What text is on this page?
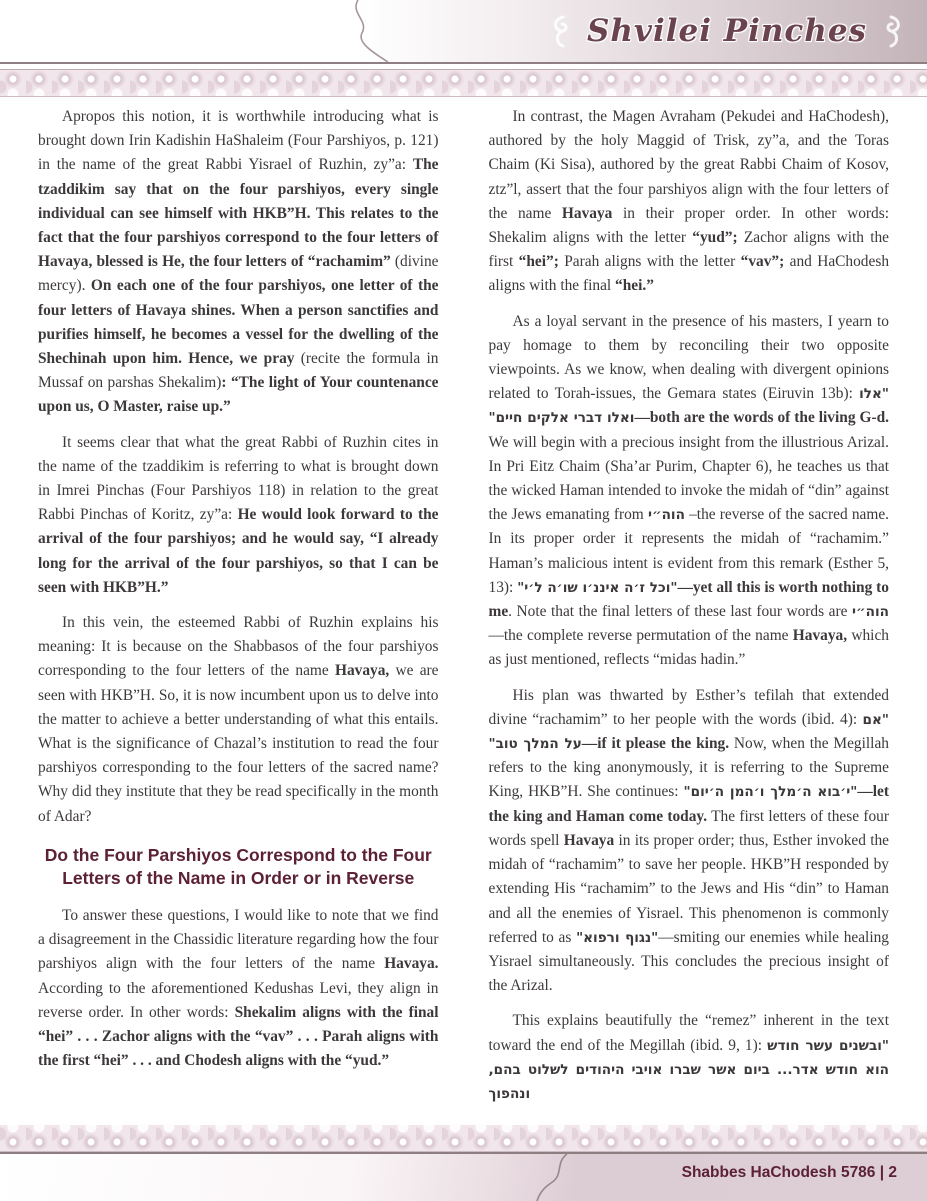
Shvilei Pinches

Apropos this notion, it is worthwhile introducing what is brought down Irin Kadishin HaShaleim (Four Parshiyos, p. 121) in the name of the great Rabbi Yisrael of Ruzhin, zy”a: The tzaddikim say that on the four parshiyos, every single individual can see himself with HKB”H. This relates to the fact that the four parshiyos correspond to the four letters of Havaya, blessed is He, the four letters of “rachamim” (divine mercy). On each one of the four parshiyos, one letter of the four letters of Havaya shines. When a person sanctifies and purifies himself, he becomes a vessel for the dwelling of the Shechinah upon him. Hence, we pray (recite the formula in Mussaf on parshas Shekalim): “The light of Your countenance upon us, O Master, raise up.”

It seems clear that what the great Rabbi of Ruzhin cites in the name of the tzaddikim is referring to what is brought down in Imrei Pinchas (Four Parshiyos 118) in relation to the great Rabbi Pinchas of Koritz, zy”a: He would look forward to the arrival of the four parshiyos; and he would say, “I already long for the arrival of the four parshiyos, so that I can be seen with HKB”H.”

In this vein, the esteemed Rabbi of Ruzhin explains his meaning: It is because on the Shabbasos of the four parshiyos corresponding to the four letters of the name Havaya, we are seen with HKB”H. So, it is now incumbent upon us to delve into the matter to achieve a better understanding of what this entails. What is the significance of Chazal’s institution to read the four parshiyos corresponding to the four letters of the sacred name? Why did they institute that they be read specifically in the month of Adar?

Do the Four Parshiyos Correspond to the Four Letters of the Name in Order or in Reverse

To answer these questions, I would like to note that we find a disagreement in the Chassidic literature regarding how the four parshiyos align with the four letters of the name Havaya. According to the aforementioned Kedushas Levi, they align in reverse order. In other words: Shekalim aligns with the final “hei” . . . Zachor aligns with the “vav” . . . Parah aligns with the first “hei” . . . and Chodesh aligns with the “yud.”

In contrast, the Magen Avraham (Pekudei and HaChodesh), authored by the holy Maggid of Trisk, zy”a, and the Toras Chaim (Ki Sisa), authored by the great Rabbi Chaim of Kosov, ztz”l, assert that the four parshiyos align with the four letters of the name Havaya in their proper order. In other words: Shekalim aligns with the letter “yud”; Zachor aligns with the first “hei”; Parah aligns with the letter “vav”; and HaChodesh aligns with the final “hei.”

As a loyal servant in the presence of his masters, I yearn to pay homage to them by reconciling their two opposite viewpoints. As we know, when dealing with divergent opinions related to Torah-issues, the Gemara states (Eiruvin 13b): "אלו ואלו דברי אלקים חיים"—both are the words of the living G-d. We will begin with a precious insight from the illustrious Arizal. In Pri Eitz Chaim (Sha’ar Purim, Chapter 6), he teaches us that the wicked Haman intended to invoke the midah of “din” against the Jews emanating from הוה״י –the reverse of the sacred name. In its proper order it represents the midah of “rachamim.” Haman’s malicious intent is evident from this remark (Esther 5, 13): "וכל ז׳ה איננ׳ו שו׳ה ל׳י"—yet all this is worth nothing to me. Note that the final letters of these last four words are הוה״י—the complete reverse permutation of the name Havaya, which as just mentioned, reflects “midas hadin.”

His plan was thwarted by Esther’s tefilah that extended divine “rachamim” to her people with the words (ibid. 4): "אם על המלך טוב"—if it please the king. Now, when the Megillah refers to the king anonymously, it is referring to the Supreme King, HKB”H. She continues: "י׳בוא ה׳מלך ו׳המן ה׳יום"—let the king and Haman come today. The first letters of these four words spell Havaya in its proper order; thus, Esther invoked the midah of “rachamim” to save her people. HKB”H responded by extending His “rachamim” to the Jews and His “din” to Haman and all the enemies of Yisrael. This phenomenon is commonly referred to as "נגוף ורפוא"—smiting our enemies while healing Yisrael simultaneously. This concludes the precious insight of the Arizal.

This explains beautifully the “remez” inherent in the text toward the end of the Megillah (ibid. 9, 1): "ובשנים עשר חודש הוא חודש אדר... ביום אשר שברו אויבי היהודים לשלוט בהם, ונהפוך

Shabbes HaChodesh 5786 | 2
